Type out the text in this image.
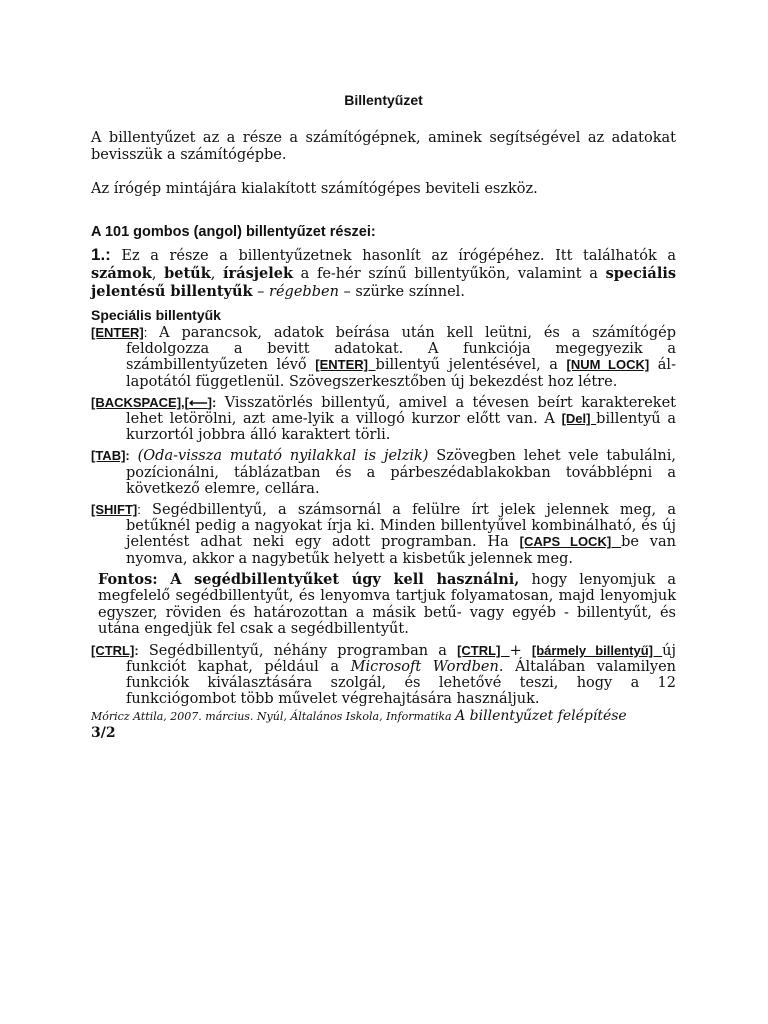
Billentyűzet

A billentyűzet az a része a számítógépnek, aminek segítségével az adatokat bevisszük a számítógépbe.

Az írógép mintájára kialakított számítógépes beviteli eszköz.

A 101 gombos (angol) billentyűzet részei:

1.: Ez a része a billentyűzetnek hasonlít az írógépéhez. Itt találhatók a számok, betűk, írásjelek a fe-hér színű billentyűkön, valamint a speciális jelentésű billentyűk – régebben – szürke színnel.

Speciális billentyűk

[ENTER]: A parancsok, adatok beírása után kell leütni, és a számítógép feldolgozza a bevitt adatokat. A funkciója megegyezik a számbillentyűzeten lévő [ENTER] billentyű jelentésével, a [NUM LOCK] ál-lapotától függetlenül. Szövegszerkesztőben új bekezdést hoz létre.

[BACKSPACE],[⟵]: Visszatörlés billentyű, amivel a tévesen beírt karaktereket lehet letörölni, azt ame-lyik a villogó kurzor előtt van. A [Del] billentyű a kurzortól jobbra álló karaktert törli.

[TAB]: (Oda-vissza mutató nyilakkal is jelzik) Szövegben lehet vele tabulálni, pozícionálni, táblázatban és a párbeszédablakokban továbblépni a következő elemre, cellára.

[SHIFT]: Segédbillentyű, a számsornál a felülre írt jelek jelennek meg, a betűknél pedig a nagyokat írja ki. Minden billentyűvel kombinálható, és új jelentést adhat neki egy adott programban. Ha [CAPS LOCK] be van nyomva, akkor a nagybetűk helyett a kisbetűk jelennek meg.

Fontos: A segédbillentyűket úgy kell használni, hogy lenyomjuk a megfelelő segédbillentyűt, és lenyomva tartjuk folyamatosan, majd lenyomjuk egyszer, röviden és határozottan a másik betű- vagy egyéb - billentyűt, és utána engedjük fel csak a segédbillentyűt.

[CTRL]: Segédbillentyű, néhány programban a [CTRL] + [bármely billentyű] új funkciót kaphat, például a Microsoft Wordben. Általában valamilyen funkciók kiválasztására szolgál, és lehetővé teszi, hogy a 12 funkciógombot több művelet végrehajtására használjuk.

Móricz Attila, 2007. március. Nyúl, Általános Iskola, Informatika A billentyűzet felépítése

3/2
